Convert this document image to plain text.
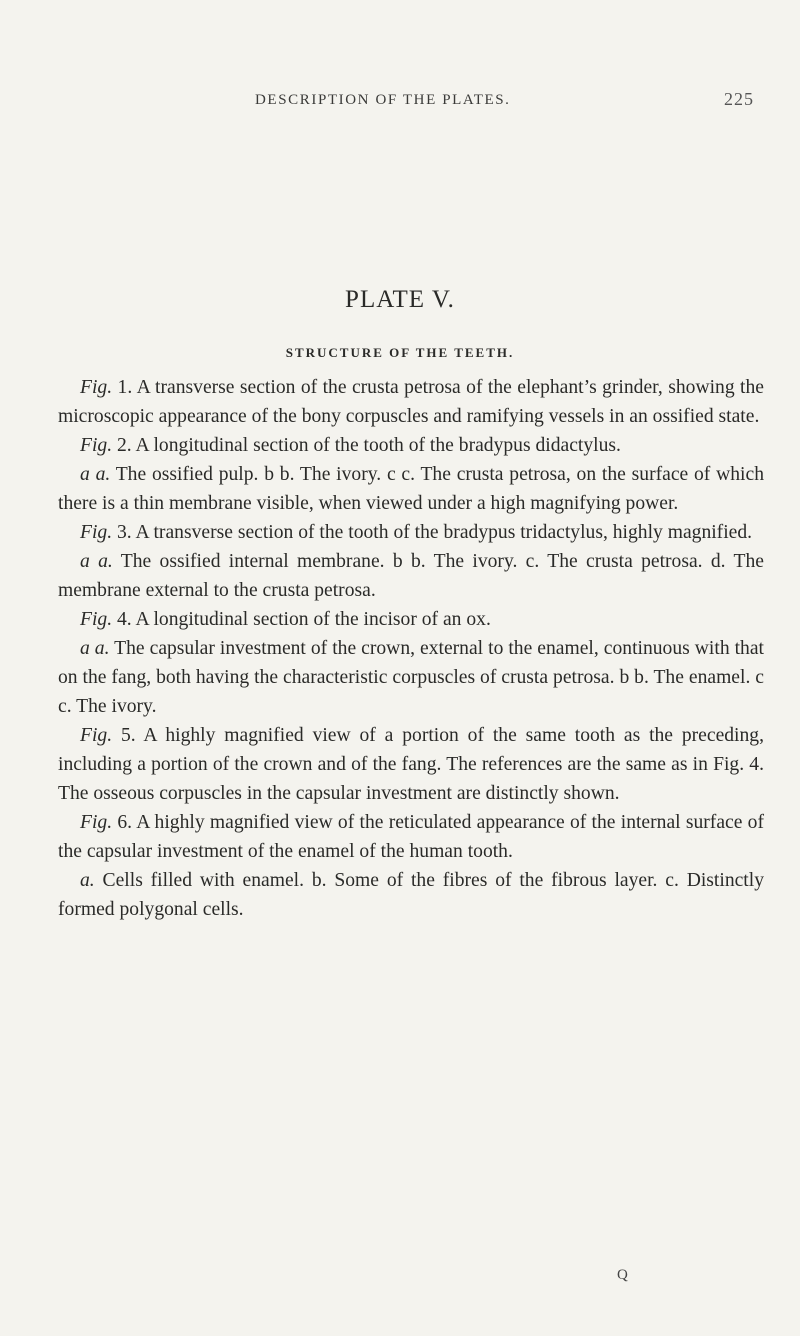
DESCRIPTION OF THE PLATES.	225
PLATE V.
STRUCTURE OF THE TEETH.

Fig. 1. A transverse section of the crusta petrosa of the elephant’s grinder, showing the microscopic appearance of the bony corpuscles and ramifying vessels in an ossified state.

Fig. 2. A longitudinal section of the tooth of the bradypus didactylus.

a a. The ossified pulp. b b. The ivory. c c. The crusta petrosa, on the surface of which there is a thin membrane visible, when viewed under a high magnifying power.

Fig. 3. A transverse section of the tooth of the bradypus tridactylus, highly magnified.

a a. The ossified internal membrane. b b. The ivory. c. The crusta petrosa. d. The membrane external to the crusta petrosa.

Fig. 4. A longitudinal section of the incisor of an ox.

a a. The capsular investment of the crown, external to the enamel, continuous with that on the fang, both having the characteristic corpuscles of crusta petrosa. b b. The enamel. c c. The ivory.

Fig. 5. A highly magnified view of a portion of the same tooth as the preceding, including a portion of the crown and of the fang. The references are the same as in Fig. 4. The osseous corpuscles in the capsular investment are distinctly shown.

Fig. 6. A highly magnified view of the reticulated appearance of the internal surface of the capsular investment of the enamel of the human tooth.

a. Cells filled with enamel. b. Some of the fibres of the fibrous layer. c. Distinctly formed polygonal cells.

Q
